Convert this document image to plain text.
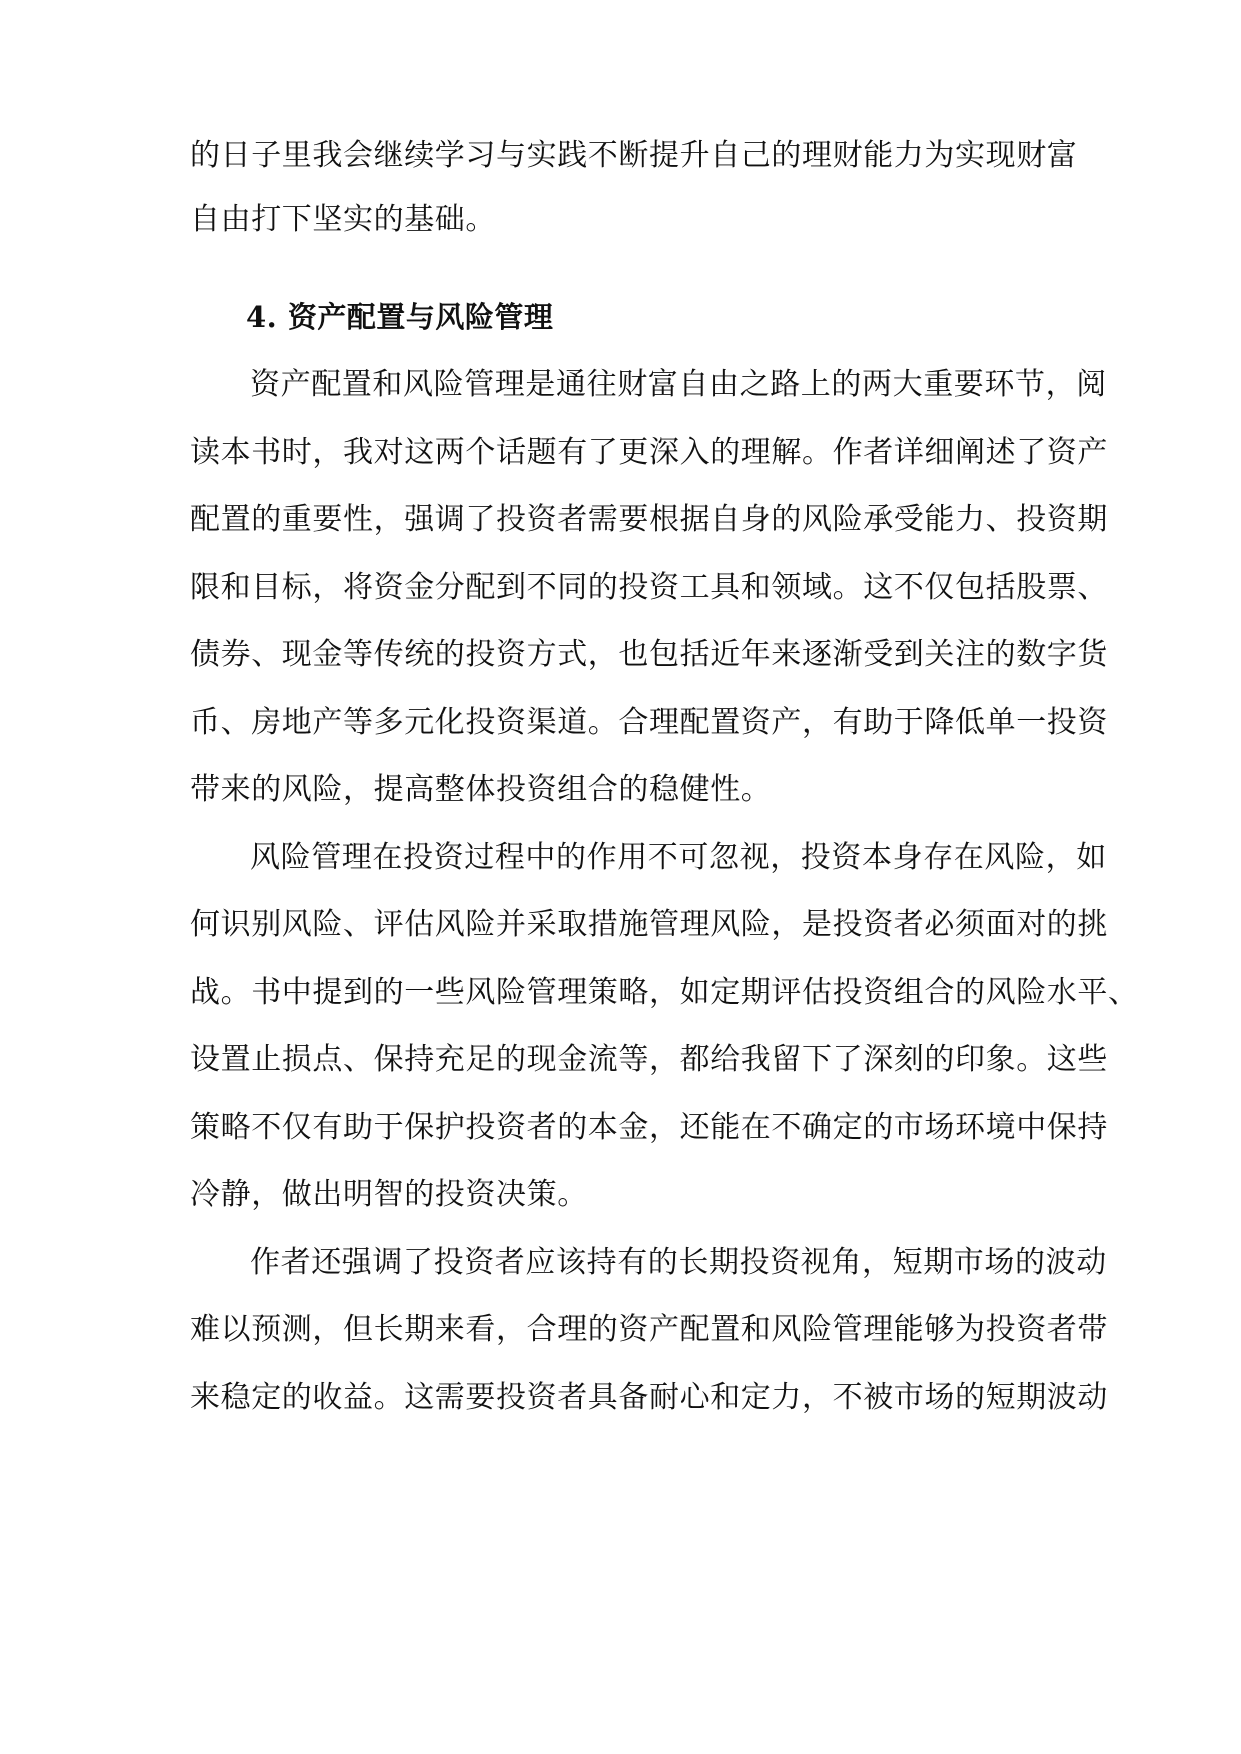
的日子里我会继续学习与实践不断提升自己的理财能力为实现财富
自由打下坚实的基础。
4. 资产配置与风险管理
资产配置和风险管理是通往财富自由之路上的两大重要环节，阅
读本书时，我对这两个话题有了更深入的理解。作者详细阐述了资产
配置的重要性，强调了投资者需要根据自身的风险承受能力、投资期
限和目标，将资金分配到不同的投资工具和领域。这不仅包括股票、
债券、现金等传统的投资方式，也包括近年来逐渐受到关注的数字货
币、房地产等多元化投资渠道。合理配置资产，有助于降低单一投资
带来的风险，提高整体投资组合的稳健性。
风险管理在投资过程中的作用不可忽视，投资本身存在风险，如
何识别风险、评估风险并采取措施管理风险，是投资者必须面对的挑
战。书中提到的一些风险管理策略，如定期评估投资组合的风险水平、
设置止损点、保持充足的现金流等，都给我留下了深刻的印象。这些
策略不仅有助于保护投资者的本金，还能在不确定的市场环境中保持
冷静，做出明智的投资决策。
作者还强调了投资者应该持有的长期投资视角，短期市场的波动
难以预测，但长期来看，合理的资产配置和风险管理能够为投资者带
来稳定的收益。这需要投资者具备耐心和定力，不被市场的短期波动
